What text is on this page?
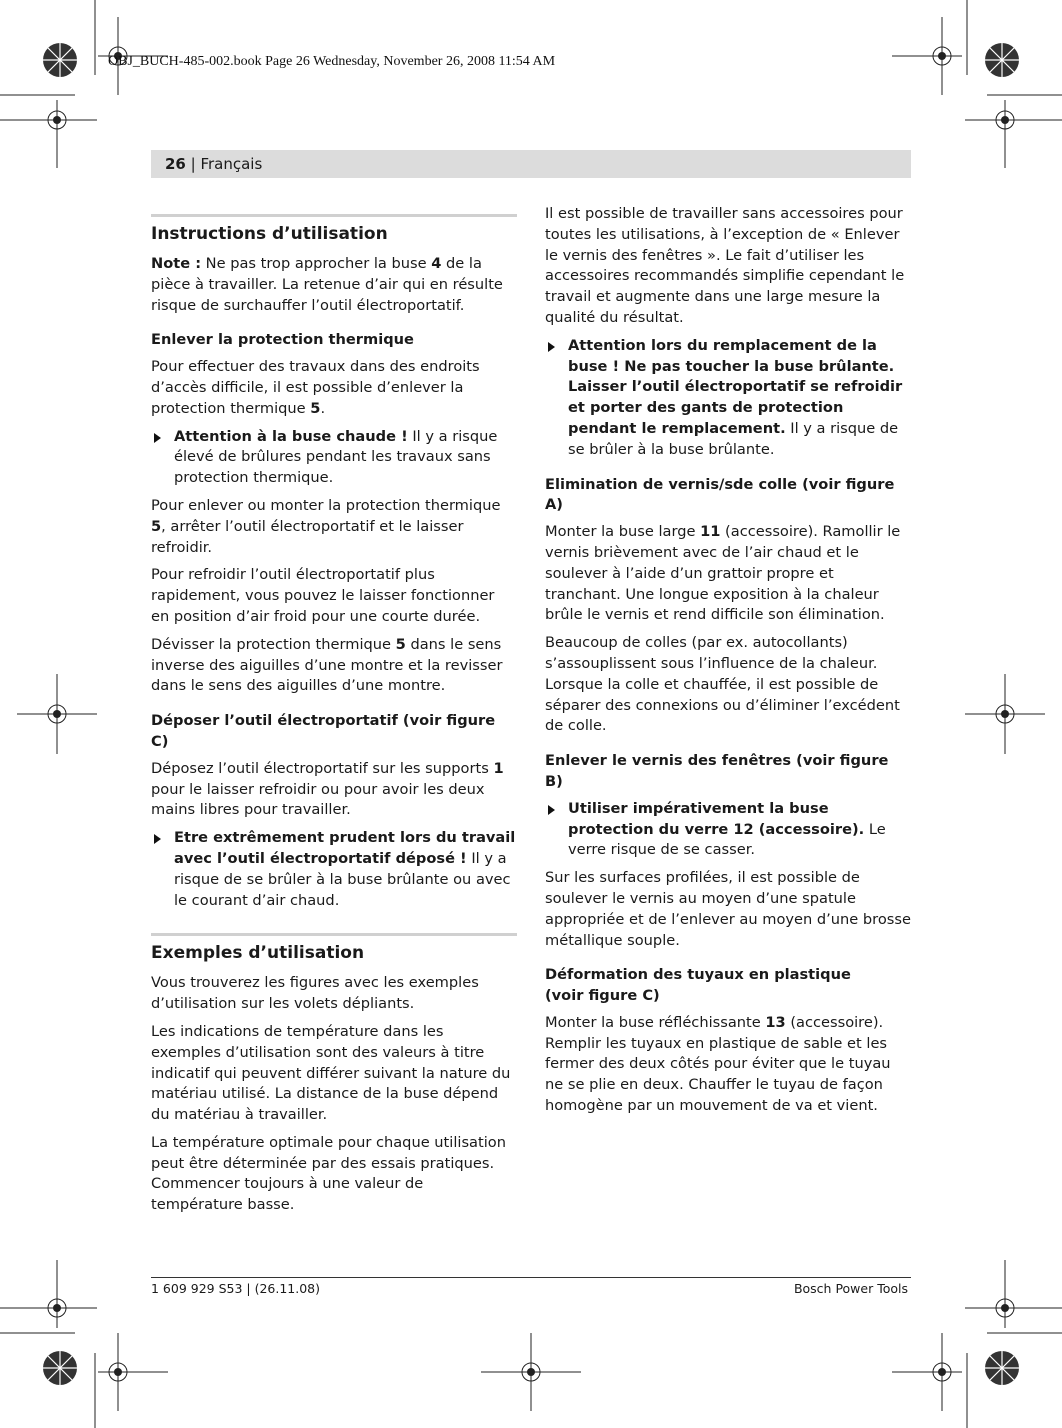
OBJ_BUCH-485-002.book Page 26 Wednesday, November 26, 2008 11:54 AM
26 | Français
Instructions d’utilisation

Note : Ne pas trop approcher la buse 4 de la pièce à travailler. La retenue d’air qui en résulte risque de surchauffer l’outil électroportatif.

Enlever la protection thermique

Pour effectuer des travaux dans des endroits d’accès difficile, il est possible d’enlever la protection thermique 5.

Attention à la buse chaude ! Il y a risque élevé de brûlures pendant les travaux sans protection thermique.

Pour enlever ou monter la protection thermique 5, arrêter l’outil électroportatif et le laisser refroidir.

Pour refroidir l’outil électroportatif plus rapidement, vous pouvez le laisser fonctionner en position d’air froid pour une courte durée.

Dévisser la protection thermique 5 dans le sens inverse des aiguilles d’une montre et la revisser dans le sens des aiguilles d’une montre.

Déposer l’outil électroportatif (voir figure C)

Déposez l’outil électroportatif sur les supports 1 pour le laisser refroidir ou pour avoir les deux mains libres pour travailler.

Etre extrêmement prudent lors du travail avec l’outil électroportatif déposé ! Il y a risque de se brûler à la buse brûlante ou avec le courant d’air chaud.
Exemples d’utilisation

Vous trouverez les figures avec les exemples d’utilisation sur les volets dépliants.

Les indications de température dans les exemples d’utilisation sont des valeurs à titre indicatif qui peuvent différer suivant la nature du matériau utilisé. La distance de la buse dépend du matériau à travailler.

La température optimale pour chaque utilisation peut être déterminée par des essais pratiques. Commencer toujours à une valeur de température basse.

Il est possible de travailler sans accessoires pour toutes les utilisations, à l’exception de « Enlever le vernis des fenêtres ». Le fait d’utiliser les accessoires recommandés simplifie cependant le travail et augmente dans une large mesure la qualité du résultat.

Attention lors du remplacement de la buse ! Ne pas toucher la buse brûlante. Laisser l’outil électroportatif se refroidir et porter des gants de protection pendant le remplacement. Il y a risque de se brûler à la buse brûlante.
Elimination de vernis/sde colle (voir figure A)

Monter la buse large 11 (accessoire). Ramollir le vernis brièvement avec de l’air chaud et le soulever à l’aide d’un grattoir propre et tranchant. Une longue exposition à la chaleur brûle le vernis et rend difficile son élimination.

Beaucoup de colles (par ex. autocollants) s’assouplissent sous l’influence de la chaleur. Lorsque la colle et chauffée, il est possible de séparer des connexions ou d’éliminer l’excédent de colle.

Enlever le vernis des fenêtres (voir figure B)
Utiliser impérativement la buse protection du verre 12 (accessoire). Le verre risque de se casser.

Sur les surfaces profilées, il est possible de soulever le vernis au moyen d’une spatule appropriée et de l’enlever au moyen d’une brosse métallique souple.

Déformation des tuyaux en plastique
(voir figure C)

Monter la buse réfléchissante 13 (accessoire). Remplir les tuyaux en plastique de sable et les fermer des deux côtés pour éviter que le tuyau ne se plie en deux. Chauffer le tuyau de façon homogène par un mouvement de va et vient.

1 609 929 S53 | (26.11.08)	Bosch Power Tools
